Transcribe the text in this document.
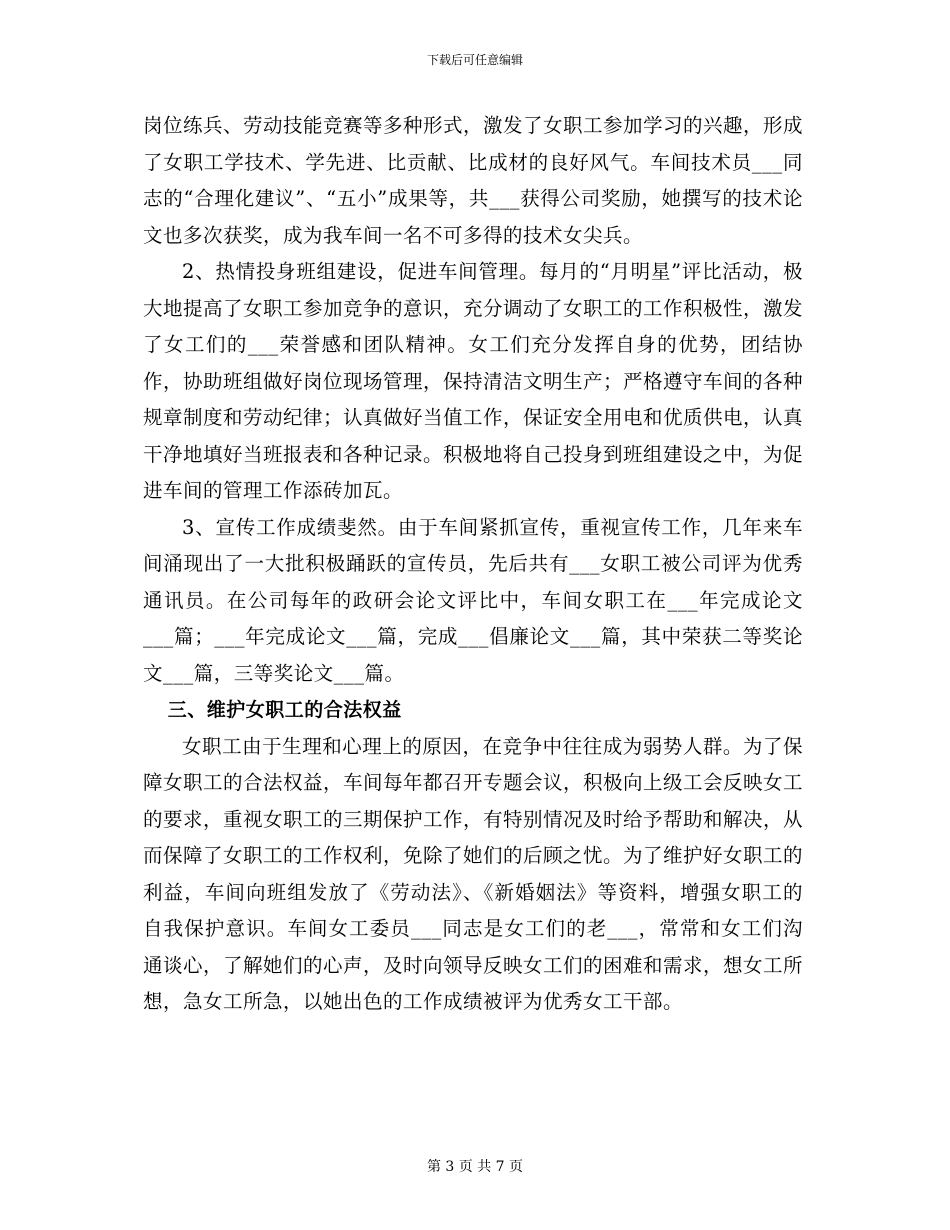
下载后可任意编辑

岗位练兵、劳动技能竞赛等多种形式，激发了女职工参加学习的兴趣，形成了女职工学技术、学先进、比贡献、比成材的良好风气。车间技术员___同志的“合理化建议”、“五小”成果等，共___获得公司奖励，她撰写的技术论文也多次获奖，成为我车间一名不可多得的技术女尖兵。

2、热情投身班组建设，促进车间管理。每月的“月明星”评比活动，极大地提高了女职工参加竞争的意识，充分调动了女职工的工作积极性，激发了女工们的___荣誉感和团队精神。女工们充分发挥自身的优势，团结协作，协助班组做好岗位现场管理，保持清洁文明生产；严格遵守车间的各种规章制度和劳动纪律；认真做好当值工作，保证安全用电和优质供电，认真干净地填好当班报表和各种记录。积极地将自己投身到班组建设之中，为促进车间的管理工作添砖加瓦。

3、宣传工作成绩斐然。由于车间紧抓宣传，重视宣传工作，几年来车间涌现出了一大批积极踊跃的宣传员，先后共有___女职工被公司评为优秀通讯员。在公司每年的政研会论文评比中，车间女职工在___年完成论文___篇；___年完成论文___篇，完成___倡廉论文___篇，其中荣获二等奖论文___篇，三等奖论文___篇。

三、维护女职工的合法权益

女职工由于生理和心理上的原因，在竞争中往往成为弱势人群。为了保障女职工的合法权益，车间每年都召开专题会议，积极向上级工会反映女工的要求，重视女职工的三期保护工作，有特别情况及时给予帮助和解决，从而保障了女职工的工作权利，免除了她们的后顾之忧。为了维护好女职工的利益，车间向班组发放了《劳动法》、《新婚姻法》等资料，增强女职工的自我保护意识。车间女工委员___同志是女工们的老___，常常和女工们沟通谈心，了解她们的心声，及时向领导反映女工们的困难和需求，想女工所想，急女工所急，以她出色的工作成绩被评为优秀女工干部。

第 3 页 共 7 页
